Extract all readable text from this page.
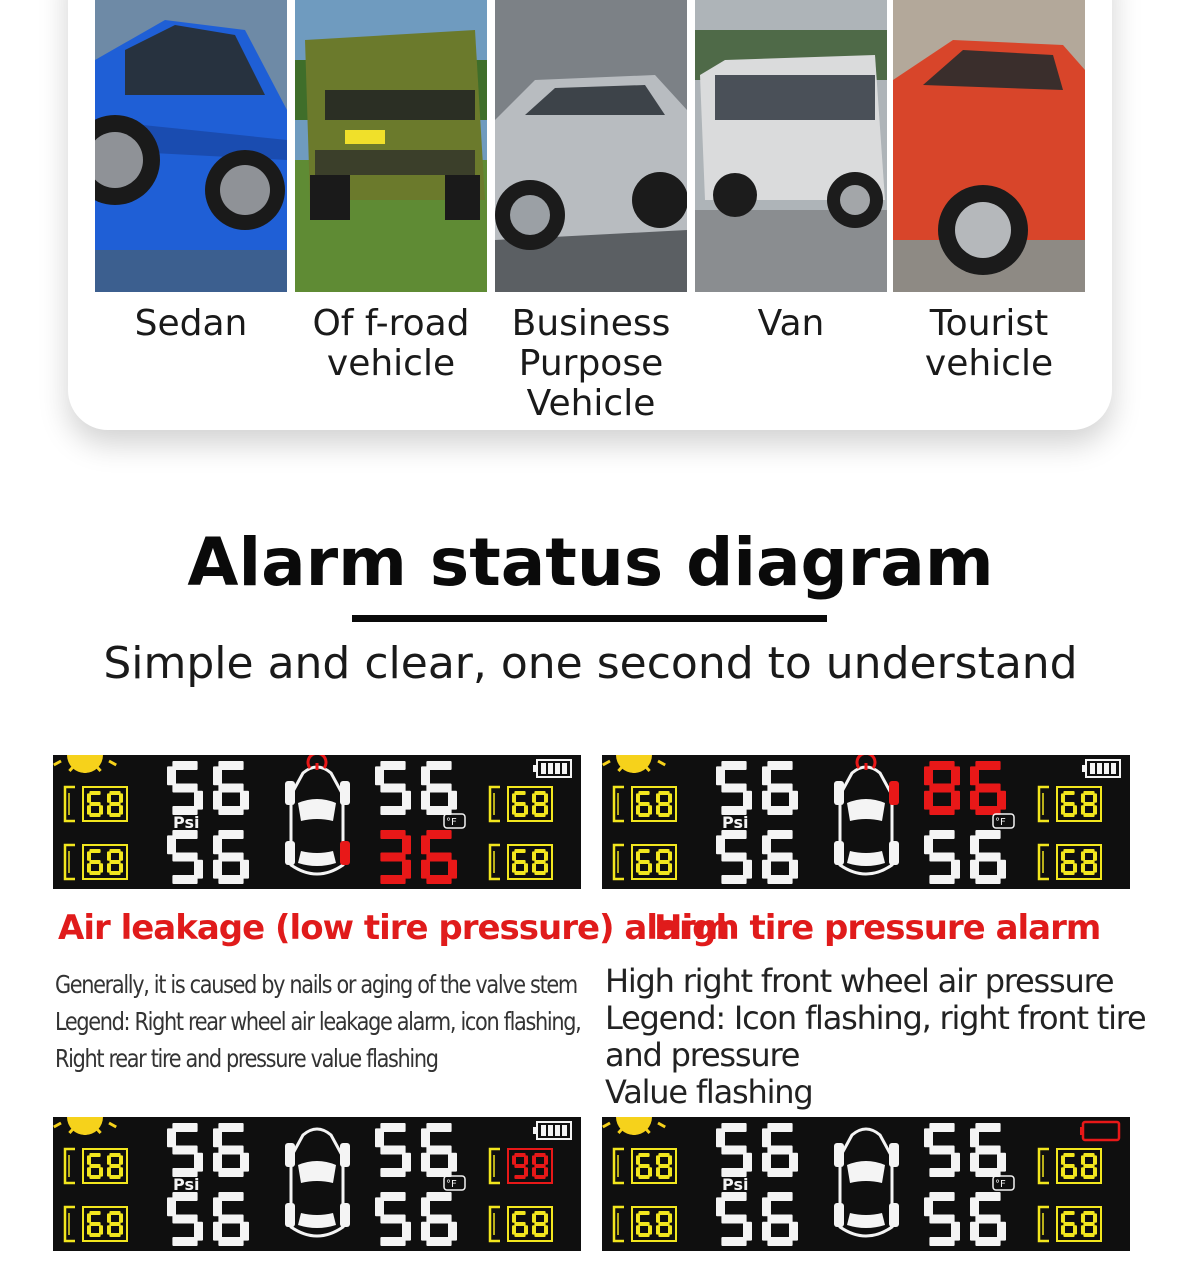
Sedan	Of f-road
vehicle
Business
Purpose
Vehicle
Van	Tourist
vehicle
Alarm status diagram
Simple and clear, one second to understand
Psi	°F	Psi	°F
Air leakage (low tire pressure) alarm
High tire pressure alarm
Generally, it is caused by nails or aging of the valve stem
Legend: Right rear wheel air leakage alarm, icon flashing,
Right rear tire and pressure value flashing
High right front wheel air pressure
Legend: Icon flashing, right front tire
and pressure
Value flashing
Psi	°F	Psi	°F
